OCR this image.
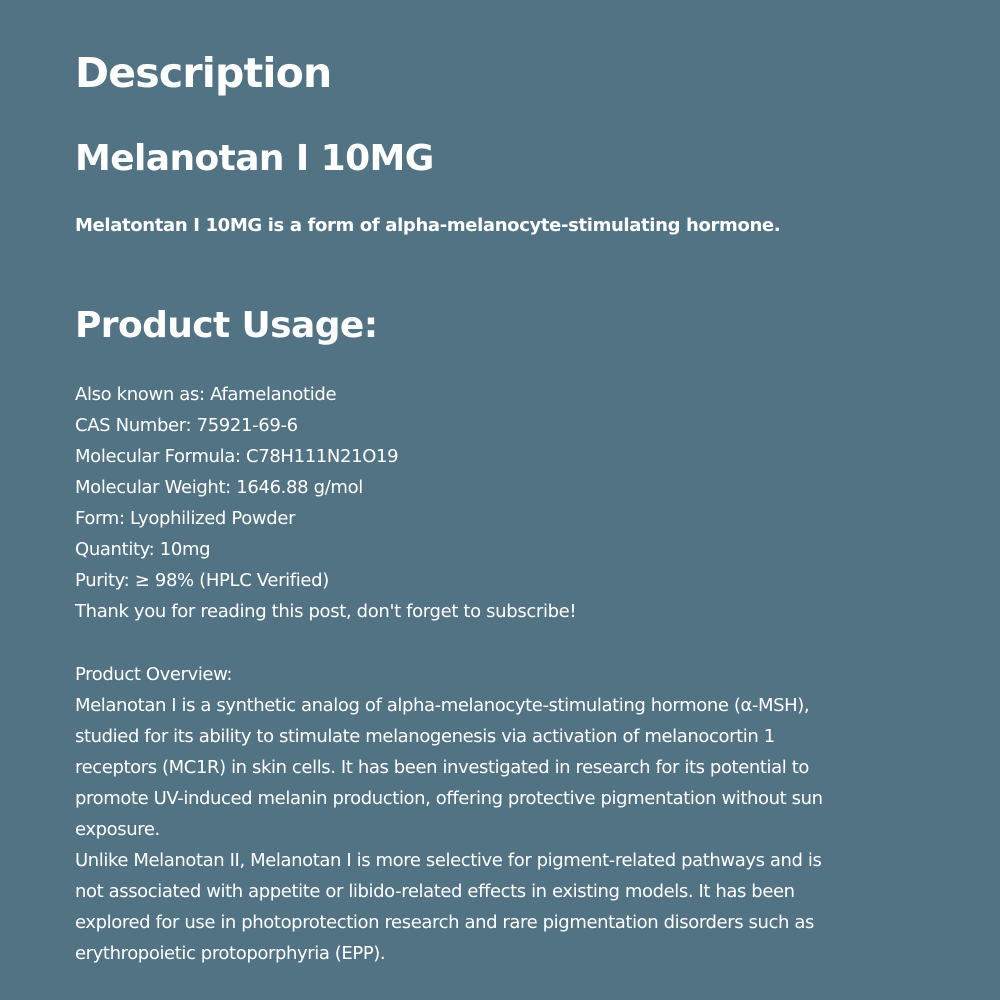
Description
Melanotan I 10MG

Melatontan I 10MG is a form of alpha-melanocyte-stimulating hormone.

Product Usage:
Also known as: Afamelanotide
CAS Number: 75921-69-6
Molecular Formula: C78H111N21O19
Molecular Weight: 1646.88 g/mol
Form: Lyophilized Powder
Quantity: 10mg
Purity: ≥ 98% (HPLC Verified)
Thank you for reading this post, don't forget to subscribe!
Product Overview:
Melanotan I is a synthetic analog of alpha-melanocyte-stimulating hormone (α-MSH),
studied for its ability to stimulate melanogenesis via activation of melanocortin 1
receptors (MC1R) in skin cells. It has been investigated in research for its potential to
promote UV-induced melanin production, offering protective pigmentation without sun
exposure.
Unlike Melanotan II, Melanotan I is more selective for pigment-related pathways and is
not associated with appetite or libido-related effects in existing models. It has been
explored for use in photoprotection research and rare pigmentation disorders such as
erythropoietic protoporphyria (EPP).
